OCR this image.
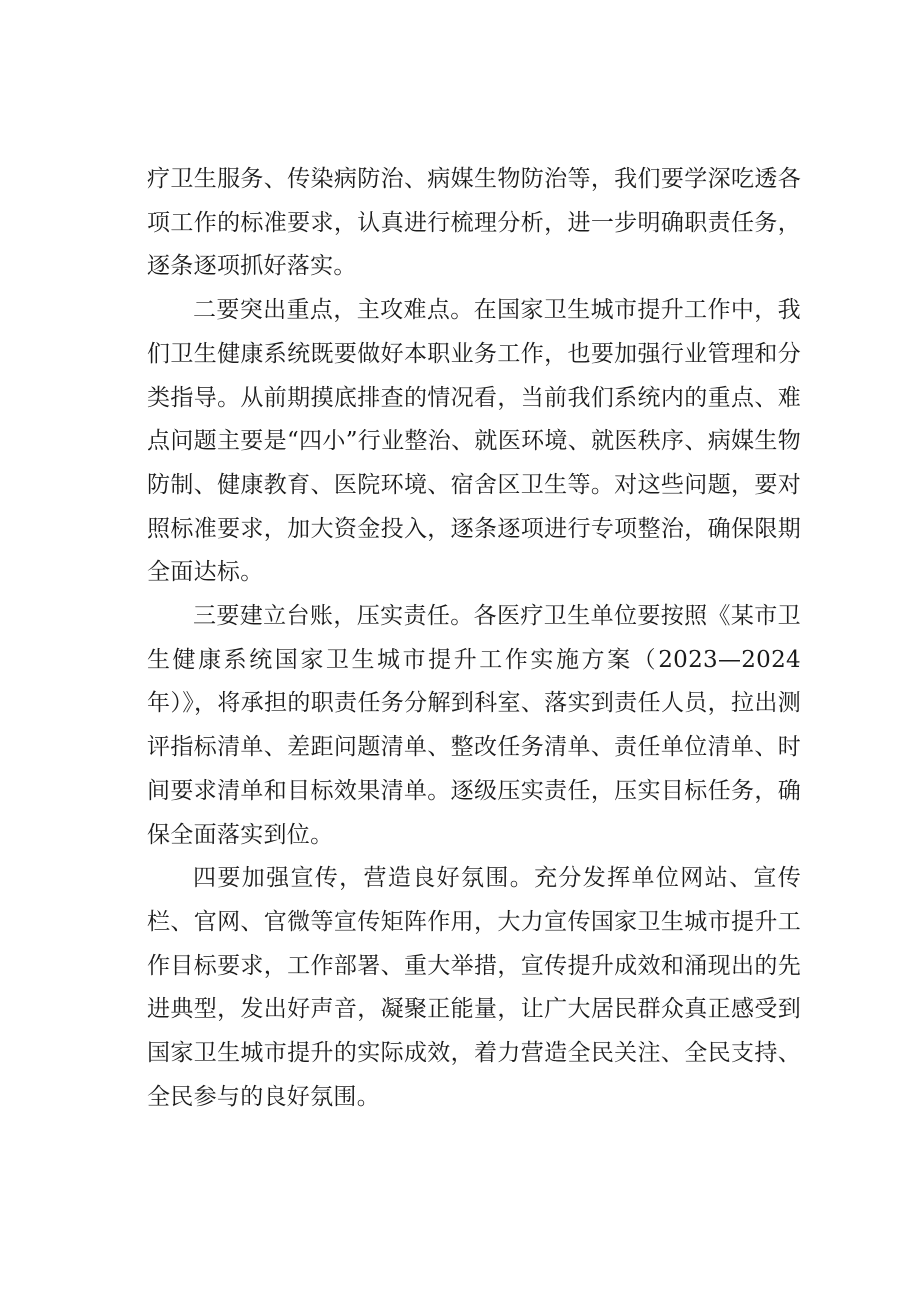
疗卫生服务、传染病防治、病媒生物防治等，我们要学深吃透各项工作的标准要求，认真进行梳理分析，进一步明确职责任务，逐条逐项抓好落实。

二要突出重点，主攻难点。在国家卫生城市提升工作中，我们卫生健康系统既要做好本职业务工作，也要加强行业管理和分类指导。从前期摸底排查的情况看，当前我们系统内的重点、难点问题主要是“四小”行业整治、就医环境、就医秩序、病媒生物防制、健康教育、医院环境、宿舍区卫生等。对这些问题，要对照标准要求，加大资金投入，逐条逐项进行专项整治，确保限期全面达标。

三要建立台账，压实责任。各医疗卫生单位要按照《某市卫生健康系统国家卫生城市提升工作实施方案（2023—2024年）》，将承担的职责任务分解到科室、落实到责任人员，拉出测评指标清单、差距问题清单、整改任务清单、责任单位清单、时间要求清单和目标效果清单。逐级压实责任，压实目标任务，确保全面落实到位。

四要加强宣传，营造良好氛围。充分发挥单位网站、宣传栏、官网、官微等宣传矩阵作用，大力宣传国家卫生城市提升工作目标要求，工作部署、重大举措，宣传提升成效和涌现出的先进典型，发出好声音，凝聚正能量，让广大居民群众真正感受到国家卫生城市提升的实际成效，着力营造全民关注、全民支持、全民参与的良好氛围。
